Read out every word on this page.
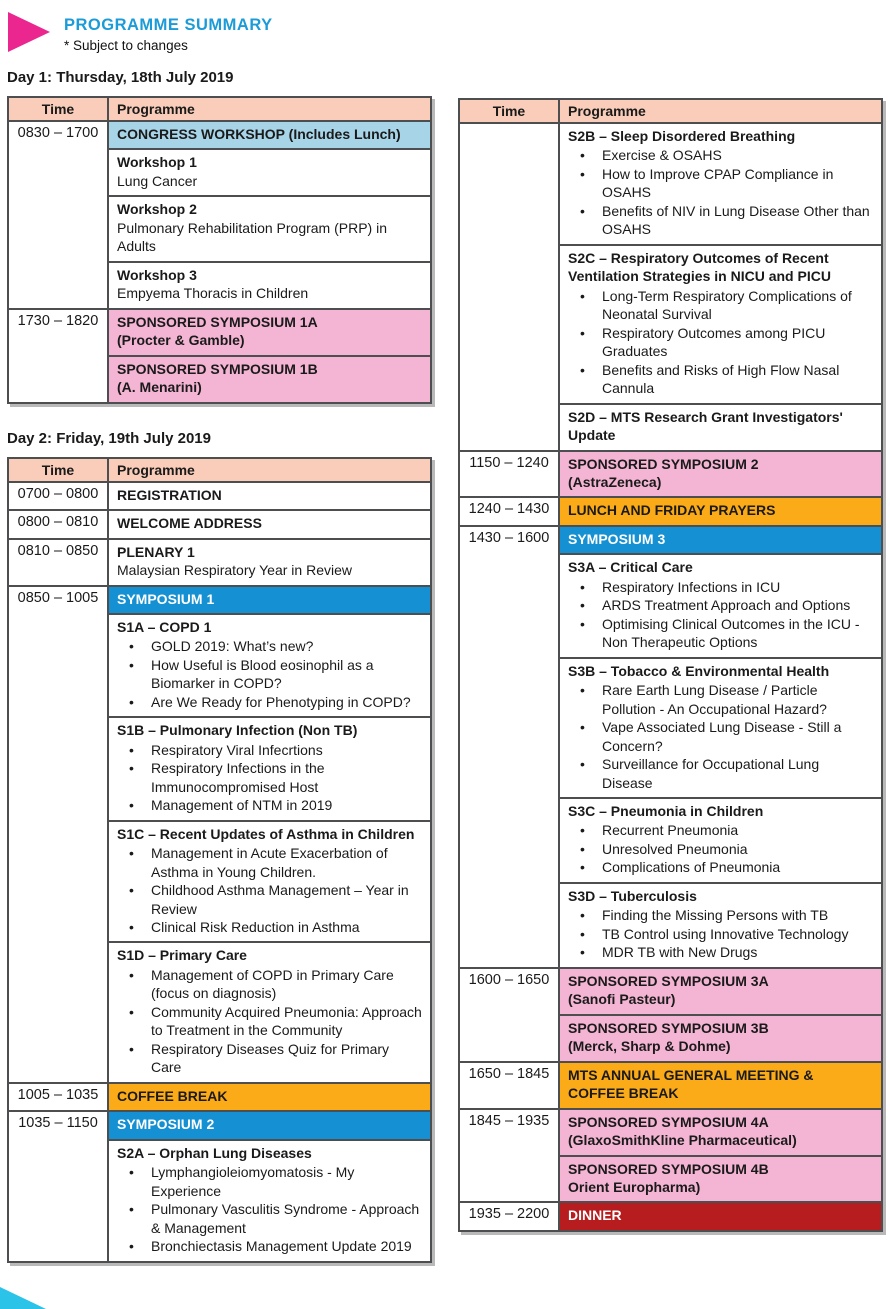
PROGRAMME SUMMARY
* Subject to changes
Day 1: Thursday, 18th July 2019
Time	Programme
0830 – 1700	CONGRESS WORKSHOP (Includes Lunch)
Workshop 1
Lung Cancer
Workshop 2
Pulmonary Rehabilitation Program (PRP) in Adults
Workshop 3
Empyema Thoracis in Children
1730 – 1820	SPONSORED SYMPOSIUM 1A
(Procter & Gamble)
SPONSORED SYMPOSIUM 1B
(A. Menarini)
Day 2: Friday, 19th July 2019
Time	Programme
0700 – 0800	REGISTRATION
0800 – 0810	WELCOME ADDRESS
0810 – 0850	PLENARY 1
Malaysian Respiratory Year in Review
0850 – 1005	SYMPOSIUM 1
S1A – COPD 1
• GOLD 2019: What’s new?
• How Useful is Blood eosinophil as a Biomarker in COPD?
• Are We Ready for Phenotyping in COPD?
S1B – Pulmonary Infection (Non TB)
• Respiratory Viral Infecrtions
• Respiratory Infections in the Immunocompromised Host
• Management of NTM in 2019
S1C – Recent Updates of Asthma in Children
• Management in Acute Exacerbation of Asthma in Young Children.
• Childhood Asthma Management – Year in Review
• Clinical Risk Reduction in Asthma
S1D – Primary Care
• Management of COPD in Primary Care (focus on diagnosis)
• Community Acquired Pneumonia: Approach to Treatment in the Community
• Respiratory Diseases Quiz for Primary Care
1005 – 1035	COFFEE BREAK
1035 – 1150	SYMPOSIUM 2
S2A – Orphan Lung Diseases
• Lymphangioleiomyomatosis - My Experience
• Pulmonary Vasculitis Syndrome - Approach & Management
• Bronchiectasis Management Update 2019
Time	Programme
S2B – Sleep Disordered Breathing
• Exercise & OSAHS
• How to Improve CPAP Compliance in OSAHS
• Benefits of NIV in Lung Disease Other than OSAHS
S2C – Respiratory Outcomes of Recent Ventilation Strategies in NICU and PICU
• Long-Term Respiratory Complications of Neonatal Survival
• Respiratory Outcomes among PICU Graduates
• Benefits and Risks of High Flow Nasal Cannula
S2D – MTS Research Grant Investigators' Update
1150 – 1240	SPONSORED SYMPOSIUM 2
(AstraZeneca)
1240 – 1430	LUNCH AND FRIDAY PRAYERS
1430 – 1600	SYMPOSIUM 3
S3A – Critical Care
• Respiratory Infections in ICU
• ARDS Treatment Approach and Options
• Optimising Clinical Outcomes in the ICU - Non Therapeutic Options
S3B – Tobacco & Environmental Health
• Rare Earth Lung Disease / Particle Pollution - An Occupational Hazard?
• Vape Associated Lung Disease - Still a Concern?
• Surveillance for Occupational Lung Disease
S3C – Pneumonia in Children
• Recurrent Pneumonia
• Unresolved Pneumonia
• Complications of Pneumonia
S3D – Tuberculosis
• Finding the Missing Persons with TB
• TB Control using Innovative Technology
• MDR TB with New Drugs
1600 – 1650	SPONSORED SYMPOSIUM 3A
(Sanofi Pasteur)
SPONSORED SYMPOSIUM 3B
(Merck, Sharp & Dohme)
1650 – 1845	MTS ANNUAL GENERAL MEETING & COFFEE BREAK
1845 – 1935	SPONSORED SYMPOSIUM 4A
(GlaxoSmithKline Pharmaceutical)
SPONSORED SYMPOSIUM 4B
Orient Europharma)
1935 – 2200	DINNER
